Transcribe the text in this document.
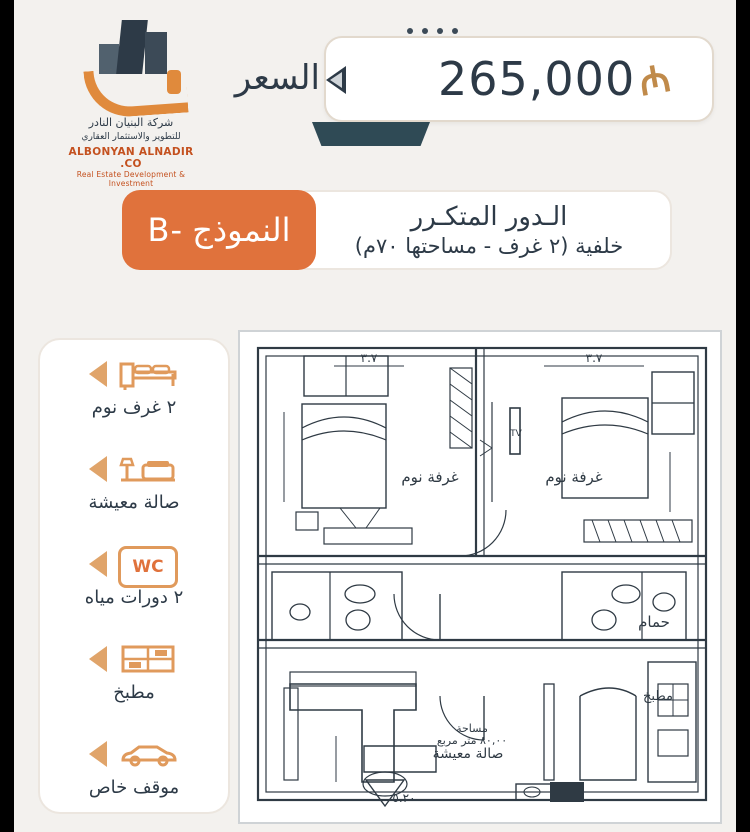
السعر	₼
265,000
شركة البنيان النادر
للتطوير والاستثمار العقاري
ALBONYAN ALNADIR CO.
Real Estate Development & Investment
الـدور المتكـرر
خلفية (٢ غرف - مساحتها ٧٠م)
النموذج -B
٢ غرف نوم
صالة معيشة
WC
٢ دورات مياه
مطبخ
موقف خاص
غرفة نوم	غرفة نوم
حمام
مطبخ
صالة معيشة
مساحة
٨٠,٠٠ متر مربع
٣.٧	٣.٧
TV
٥.٢٠
